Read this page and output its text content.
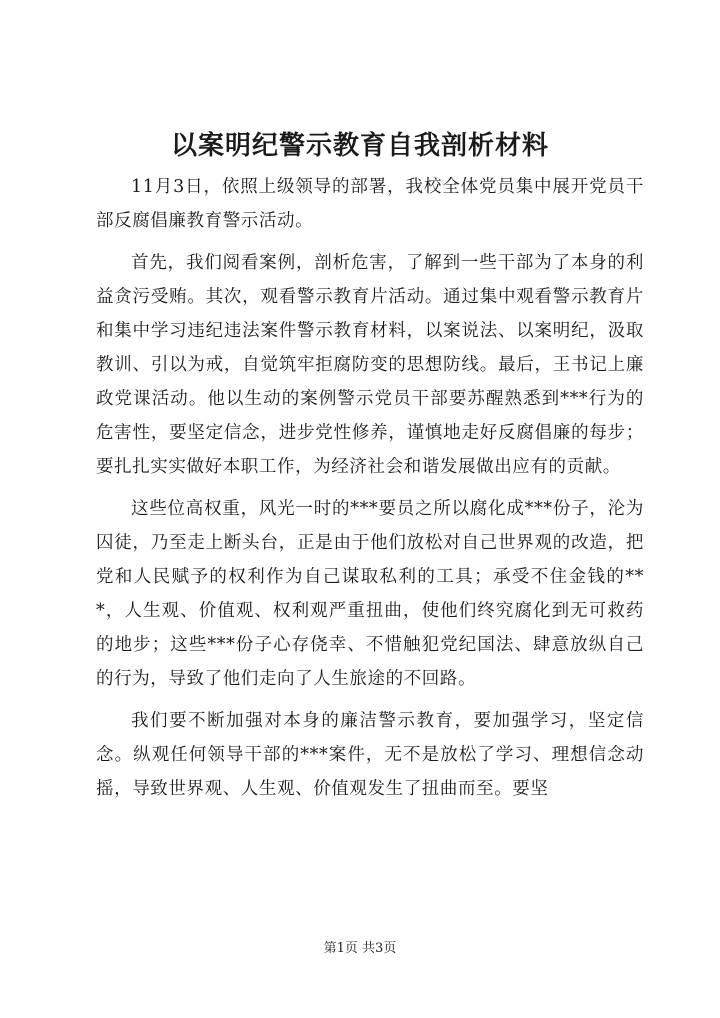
以案明纪警示教育自我剖析材料

11月3日，依照上级领导的部署，我校全体党员集中展开党员干部反腐倡廉教育警示活动。

首先，我们阅看案例，剖析危害，了解到一些干部为了本身的利益贪污受贿。其次，观看警示教育片活动。通过集中观看警示教育片和集中学习违纪违法案件警示教育材料，以案说法、以案明纪，汲取教训、引以为戒，自觉筑牢拒腐防变的思想防线。最后，王书记上廉政党课活动。他以生动的案例警示党员干部要苏醒熟悉到***行为的危害性，要坚定信念，进步党性修养，谨慎地走好反腐倡廉的每步；要扎扎实实做好本职工作，为经济社会和谐发展做出应有的贡献。

这些位高权重，风光一时的***要员之所以腐化成***份子，沦为囚徒，乃至走上断头台，正是由于他们放松对自己世界观的改造，把党和人民赋予的权利作为自己谋取私利的工具；承受不住金钱的***，人生观、价值观、权利观严重扭曲，使他们终究腐化到无可救药的地步；这些***份子心存侥幸、不惜触犯党纪国法、肆意放纵自己的行为，导致了他们走向了人生旅途的不回路。

我们要不断加强对本身的廉洁警示教育，要加强学习，坚定信念。纵观任何领导干部的***案件，无不是放松了学习、理想信念动摇，导致世界观、人生观、价值观发生了扭曲而至。要坚

第1页 共3页
